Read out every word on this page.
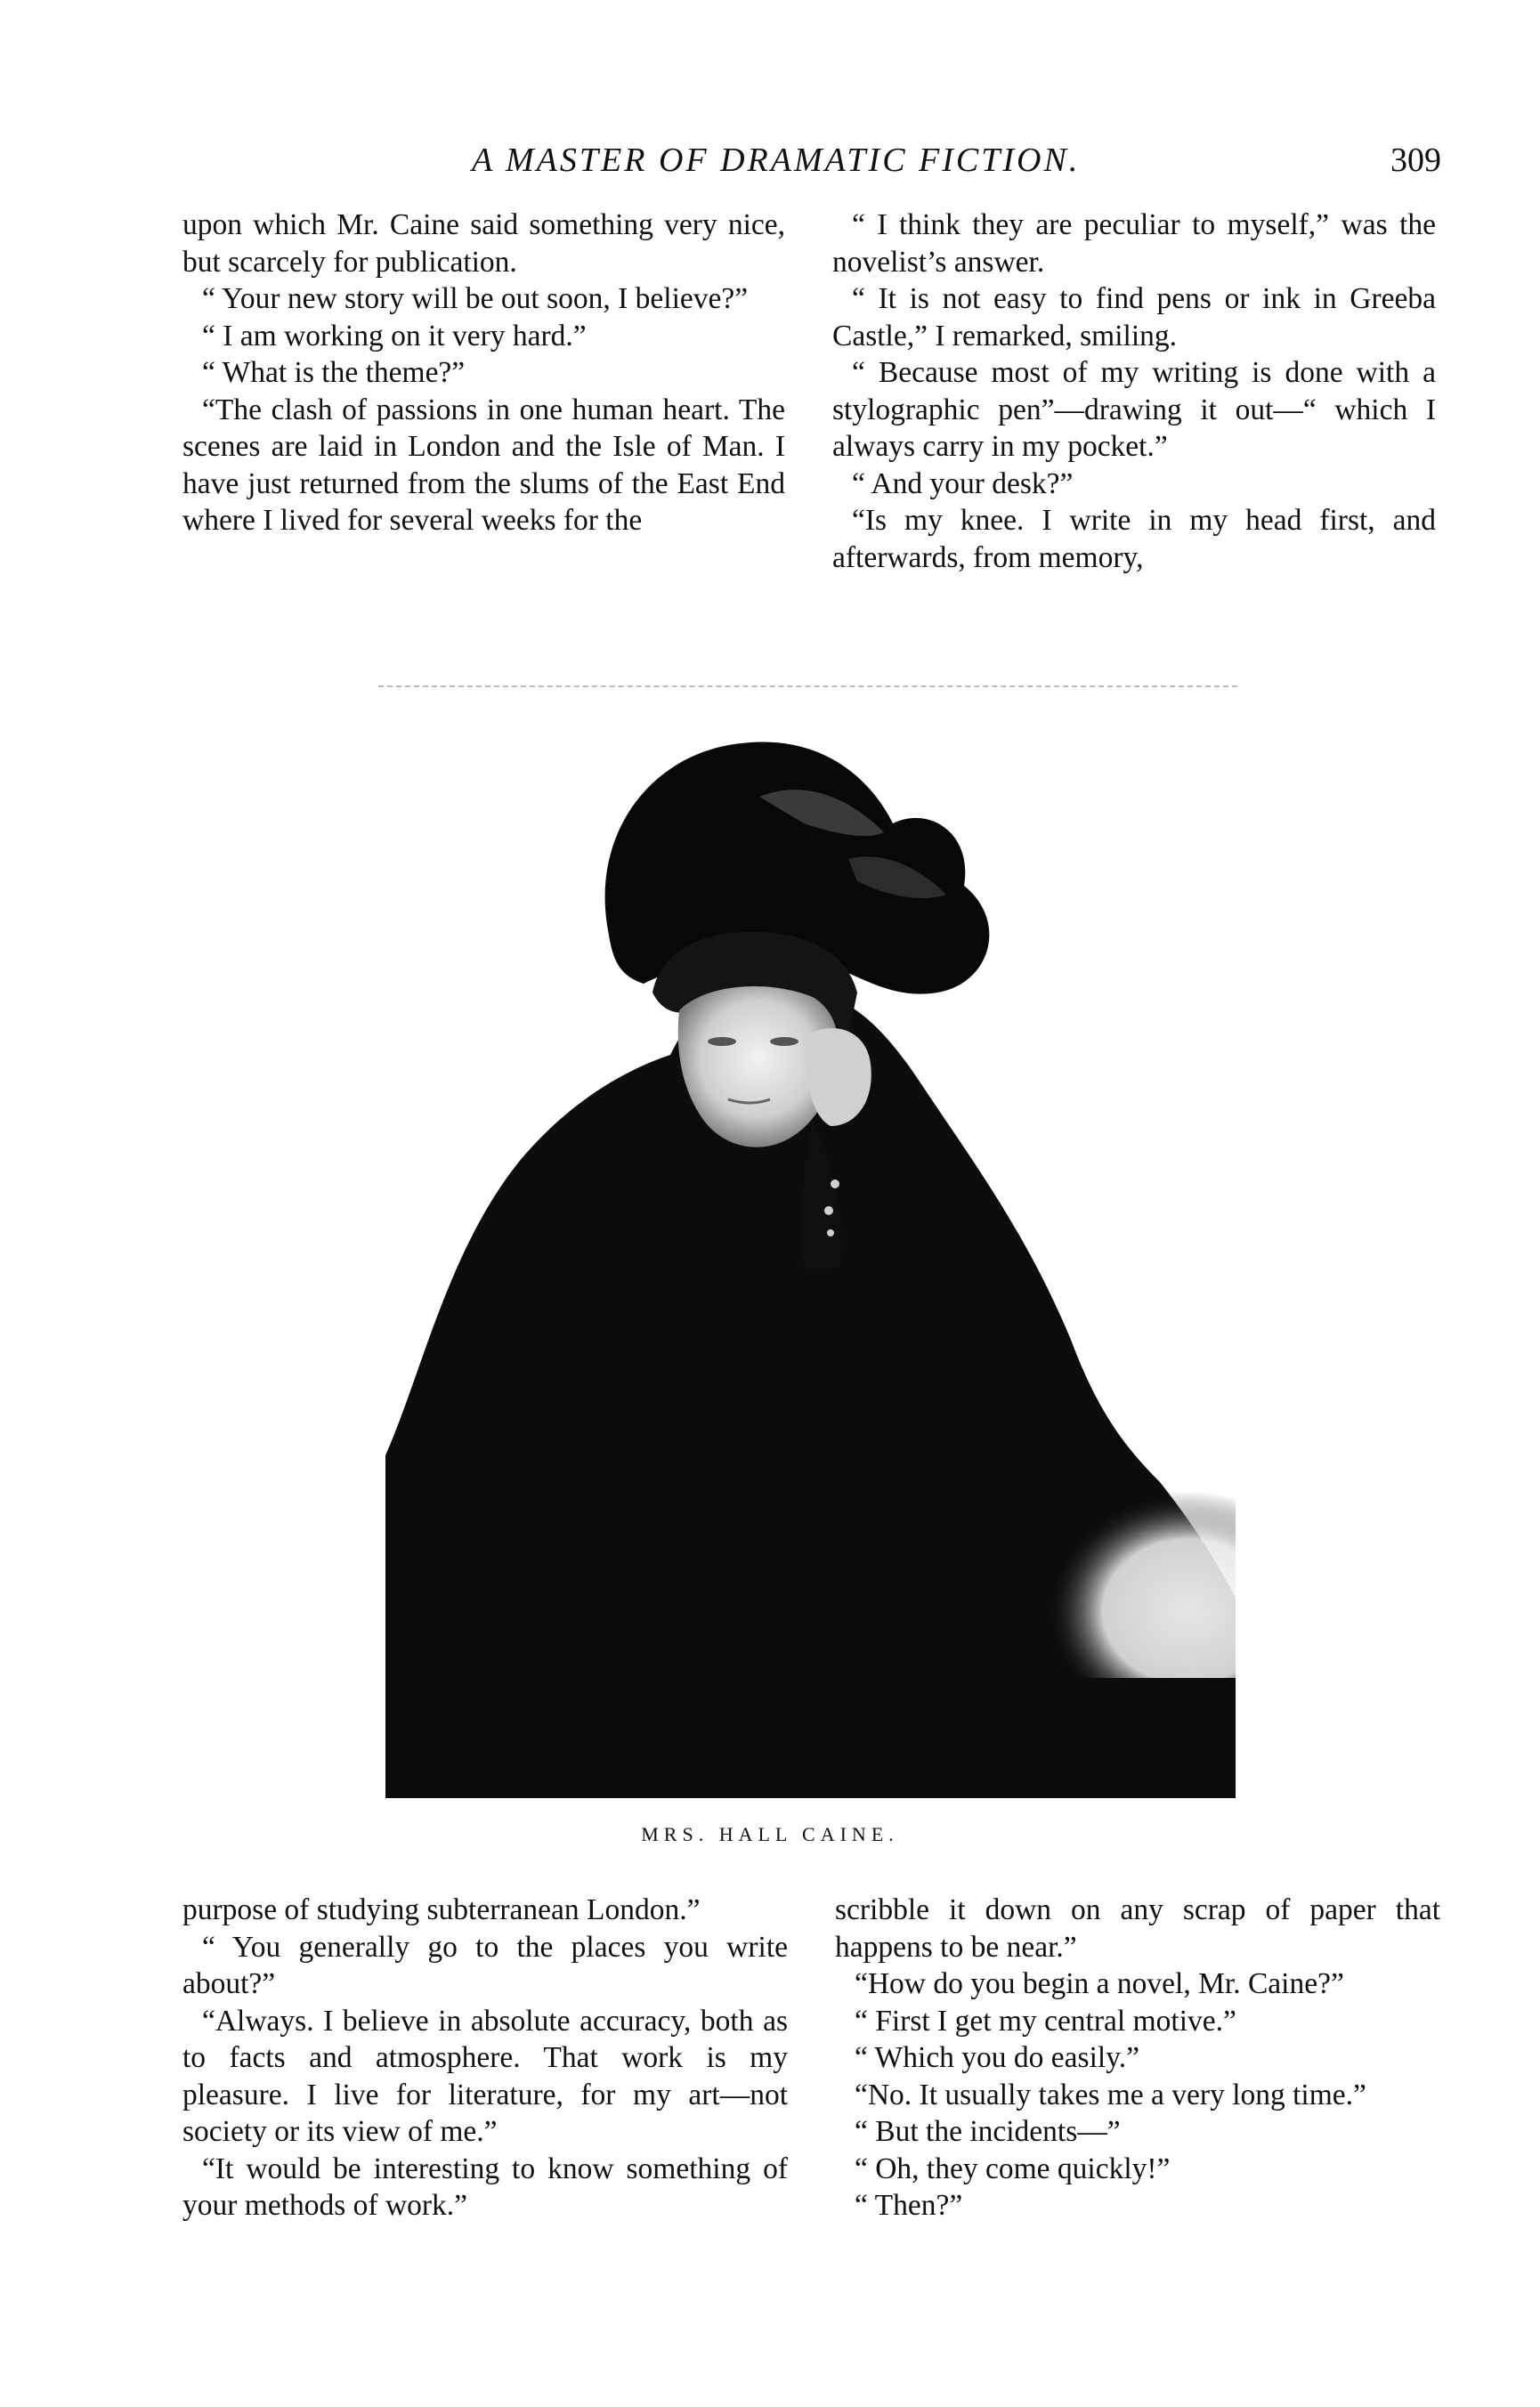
A MASTER OF DRAMATIC FICTION.	309

upon which Mr. Caine said something very nice, but scarcely for publication.

“ Your new story will be out soon, I believe?”

“ I am working on it very hard.”

“ What is the theme?”

“The clash of passions in one human heart. The scenes are laid in London and the Isle of Man. I have just returned from the slums of the East End where I lived for several weeks for the

“ I think they are peculiar to myself,” was the novelist’s answer.

“ It is not easy to find pens or ink in Greeba Castle,” I remarked, smiling.

“ Because most of my writing is done with a stylographic pen”—drawing it out—“ which I always carry in my pocket.”

“ And your desk?”

“Is my knee. I write in my head first, and afterwards, from memory,

MRS. HALL CAINE.

purpose of studying subterranean London.”

“ You generally go to the places you write about?”

“Always. I believe in absolute accuracy, both as to facts and atmosphere. That work is my pleasure. I live for literature, for my art—not society or its view of me.”

“It would be interesting to know something of your methods of work.”

scribble it down on any scrap of paper that happens to be near.”

“How do you begin a novel, Mr. Caine?”

“ First I get my central motive.”

“ Which you do easily.”

“No. It usually takes me a very long time.”

“ But the incidents—”

“ Oh, they come quickly!”

“ Then?”
